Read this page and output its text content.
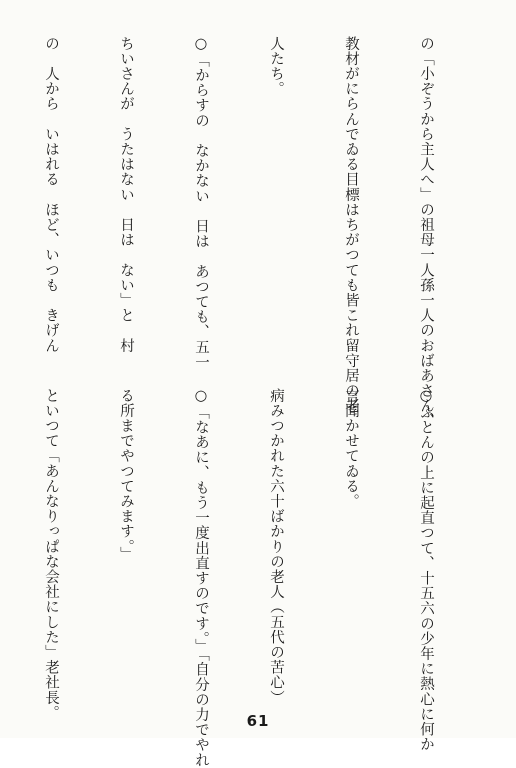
の「小ぞうから主人へ」の祖母一人孫一人のおばあさん、

教材がにらんでゐる目標はちがつても皆これ留守居の老

人たち。

○「からすの　なかない　日は　あつても、五一

ちいさんが　うたはない　日は　ない」と　村

の　人から　いはれる　ほど、いつも　きげん

○ふとんの上に起直つて、十五六の少年に熱心に何か

言聞かせてゐる。

病みつかれた六十ばかりの老人（五代の苦心）

○「なあに、もう一度出直すのです。」「自分の力でやれ

る所までやつてみます。」

といつて「あんなりっぱな会社にした」老社長。

61
